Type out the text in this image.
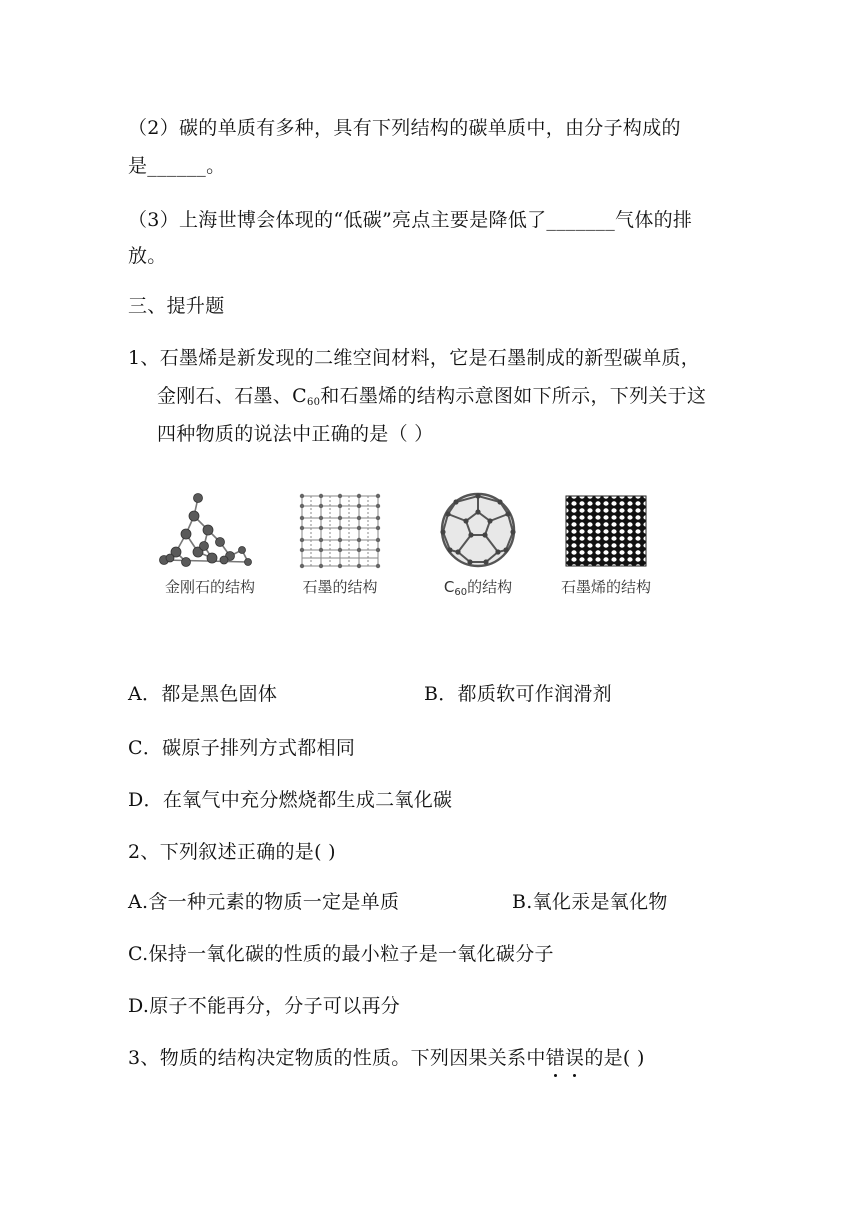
（2）碳的单质有多种，具有下列结构的碳单质中，由分子构成的
是______。
（3）上海世博会体现的“低碳”亮点主要是降低了_______气体的排
放。
三、提升题
1、石墨烯是新发现的二维空间材料，它是石墨制成的新型碳单质，
金刚石、石墨、$C_{60}$和石墨烯的结构示意图如下所示，下列关于这
四种物质的说法中正确的是（ ）
金刚石的结构	石墨的结构	$C_{60}$的结构	石墨烯的结构
A．都是黑色固体	B．都质软可作润滑剂
C．碳原子排列方式都相同
D．在氧气中充分燃烧都生成二氧化碳
2、下列叙述正确的是( )
A.含一种元素的物质一定是单质	B.氧化汞是氧化物
C.保持一氧化碳的性质的最小粒子是一氧化碳分子
D.原子不能再分，分子可以再分
3、物质的结构决定物质的性质。下列因果关系中错误的是( )
